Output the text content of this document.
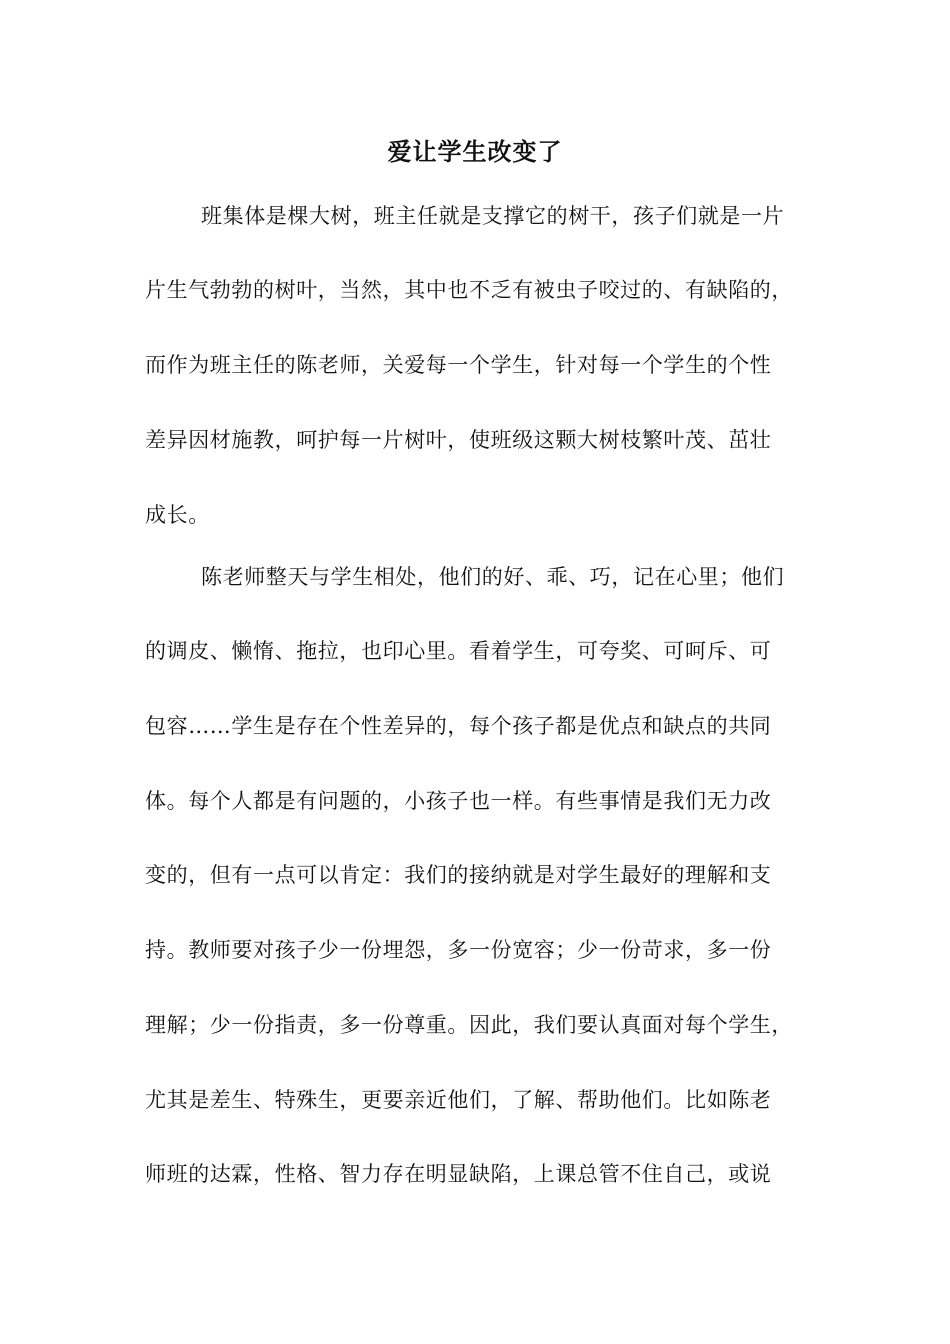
爱让学生改变了
班集体是棵大树，班主任就是支撑它的树干，孩子们就是一片
片生气勃勃的树叶，当然，其中也不乏有被虫子咬过的、有缺陷的，
而作为班主任的陈老师，关爱每一个学生，针对每一个学生的个性
差异因材施教，呵护每一片树叶，使班级这颗大树枝繁叶茂、茁壮
成长。
陈老师整天与学生相处，他们的好、乖、巧，记在心里；他们
的调皮、懒惰、拖拉，也印心里。看着学生，可夸奖、可呵斥、可
包容……学生是存在个性差异的，每个孩子都是优点和缺点的共同
体。每个人都是有问题的，小孩子也一样。有些事情是我们无力改
变的，但有一点可以肯定：我们的接纳就是对学生最好的理解和支
持。教师要对孩子少一份埋怨，多一份宽容；少一份苛求，多一份
理解；少一份指责，多一份尊重。因此，我们要认真面对每个学生，
尤其是差生、特殊生，更要亲近他们，了解、帮助他们。比如陈老
师班的达霖，性格、智力存在明显缺陷，上课总管不住自己，或说
